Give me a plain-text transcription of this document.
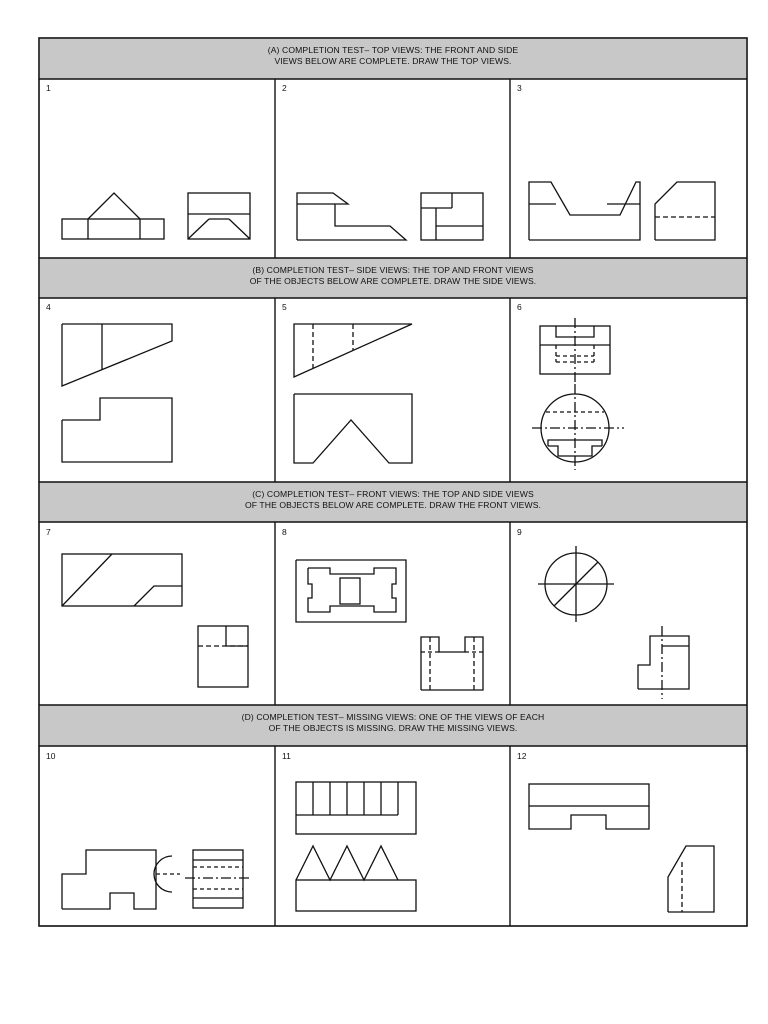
(A) COMPLETION TEST– TOP VIEWS: THE FRONT AND SIDE
VIEWS BELOW ARE COMPLETE. DRAW THE TOP VIEWS.
(B) COMPLETION TEST– SIDE VIEWS: THE TOP AND FRONT VIEWS
OF THE OBJECTS BELOW ARE COMPLETE. DRAW THE SIDE VIEWS.
(C) COMPLETION TEST– FRONT VIEWS: THE TOP AND SIDE VIEWS
OF THE OBJECTS BELOW ARE COMPLETE. DRAW THE FRONT VIEWS.
(D) COMPLETION TEST– MISSING VIEWS: ONE OF THE VIEWS OF EACH
OF THE OBJECTS IS MISSING. DRAW THE MISSING VIEWS.
1	2	3
4	5	6
7	8	9
10	11	12
